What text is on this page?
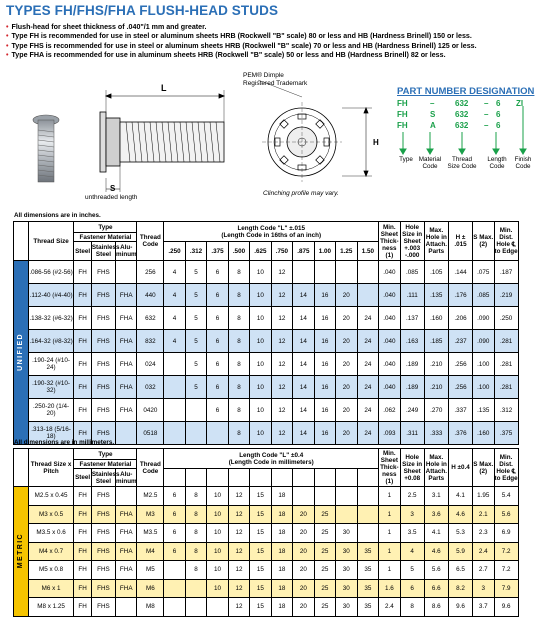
TYPES FH/FHS/FHA FLUSH-HEAD STUDS
• Flush-head for sheet thickness of .040"/1 mm and greater.
• Type FH is recommended for use in steel or aluminum sheets HRB (Rockwell "B" scale) 80 or less and HB (Hardness Brinell) 150 or less.
• Type FHS is recommended for use in steel or aluminum sheets HRB (Rockwell "B" scale) 70 or less and HB (Hardness Brinell) 125 or less.
• Type FHA is recommended for use in aluminum sheets HRB (Rockwell "B" scale) 50 or less and HB (Hardness Brinell) 82 or less.
L
S
unthreaded length
PEM® Dimple
Registered Trademark
H
Clinching profile may vary.
PART NUMBER DESIGNATION
FH	–	632 – 6 ZI
FH	S 632 – 6
FH	A 632 – 6
Type Material Code
Thread Size Code
Length Code
Finish Code
All dimensions are in inches.
	Thread Size	Type			Thread Code	Length Code "L" ±.015
(Length Code in 16ths of an inch)										Min. Sheet Thick- ness (1)	Hole Size in Sheet +.003 -.000	Max. Hole in Attach. Parts	H ± .015	S Max. (2)	Min. Dist. Hole ℄ to Edge
		Fastener Material																			
		Steel	Stainless Steel	Alu- minum		.250	.312	.375	.500	.625	.750	.875	1.00	1.25	1.50						
UNIFIED	.086-56 (#2-56)	FH	FHS		256	4	5	6	8	10	12					.040	.085	.105	.144	.075	.187
	.112-40 (#4-40)	FH	FHS	FHA	440	4	5	6	8	10	12	14	16	20		.040	.111	.135	.176	.085	.219
	.138-32 (#6-32)	FH	FHS	FHA	632	4	5	6	8	10	12	14	16	20	24	.040	.137	.160	.206	.090	.250
	.164-32 (#8-32)	FH	FHS	FHA	832	4	5	6	8	10	12	14	16	20	24	.040	.163	.185	.237	.090	.281
	.190-24 (#10-24)	FH	FHS	FHA	024		5	6	8	10	12	14	16	20	24	.040	.189	.210	.256	.100	.281
	.190-32 (#10-32)	FH	FHS	FHA	032		5	6	8	10	12	14	16	20	24	.040	.189	.210	.256	.100	.281
	.250-20 (1/4-20)	FH	FHS	FHA	0420			6	8	10	12	14	16	20	24	.062	.249	.270	.337	.135	.312
	.313-18 (5/16-18)	FH	FHS		0518				8	10	12	14	16	20	24	.093	.311	.333	.376	.160	.375
All dimensions are in millimeters.
	Thread Size x Pitch	Type			Thread Code	Length Code "L" ±0.4
(Length Code in millimeters)										Min. Sheet Thick- ness (1)	Hole Size in Sheet +0.08	Max. Hole in Attach. Parts	H ±0.4	S Max. (2)	Min. Dist. Hole ℄ to Edge
		Fastener Material																			
		Steel	Stainless Steel	Alu- minum																	
METRIC	M2.5 x 0.45	FH	FHS		M2.5	6	8	10	12	15	18					1	2.5	3.1	4.1	1.95	5.4
	M3 x 0.5	FH	FHS	FHA	M3	6	8	10	12	15	18	20	25			1	3	3.6	4.6	2.1	5.6
	M3.5 x 0.6	FH	FHS	FHA	M3.5	6	8	10	12	15	18	20	25	30		1	3.5	4.1	5.3	2.3	6.9
	M4 x 0.7	FH	FHS	FHA	M4	6	8	10	12	15	18	20	25	30	35	1	4	4.6	5.9	2.4	7.2
	M5 x 0.8	FH	FHS	FHA	M5		8	10	12	15	18	20	25	30	35	1	5	5.6	6.5	2.7	7.2
	M6 x 1	FH	FHS	FHA	M6			10	12	15	18	20	25	30	35	1.6	6	6.6	8.2	3	7.9
	M8 x 1.25	FH	FHS		M8				12	15	18	20	25	30	35	2.4	8	8.6	9.6	3.7	9.6
